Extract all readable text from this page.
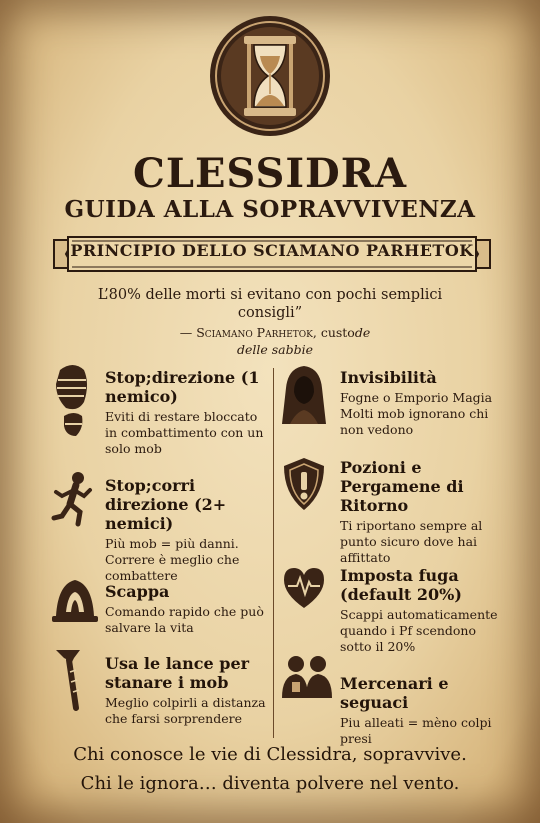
CLESSIDRA
GUIDA ALLA SOPRAVVIVENZA
PRINCIPIO DELLO SCIAMANO PARHETOK
L’80% delle morti si evitano con pochi semplici consigli”
— Sciamano Parhetok, custode
delle sabbie
Stop;direzione (1 nemico)
Eviti di restare bloccato in combattimento con un solo mob
Stop;corri direzione (2+ nemici)
Più mob = più danni. Correre è meglio che combattere
Scappa
Comando rapido che può salvare la vita
Usa le lance per stanare i mob
Meglio colpirli a distanza che farsi sorprendere
Invisibilità
Fogne o Emporio Magia Molti mob ignorano chi non vedono
Pozioni e Pergamene di Ritorno
Ti riportano sempre al punto sicuro dove hai affittato
Imposta fuga (default 20%)
Scappi automaticamente quando i Pf scendono sotto il 20%
Mercenari e seguaci
Piu alleati = mèno colpi presi
Chi conosce le vie di Clessidra, sopravvive.
Chi le ignora… diventa polvere nel vento.
